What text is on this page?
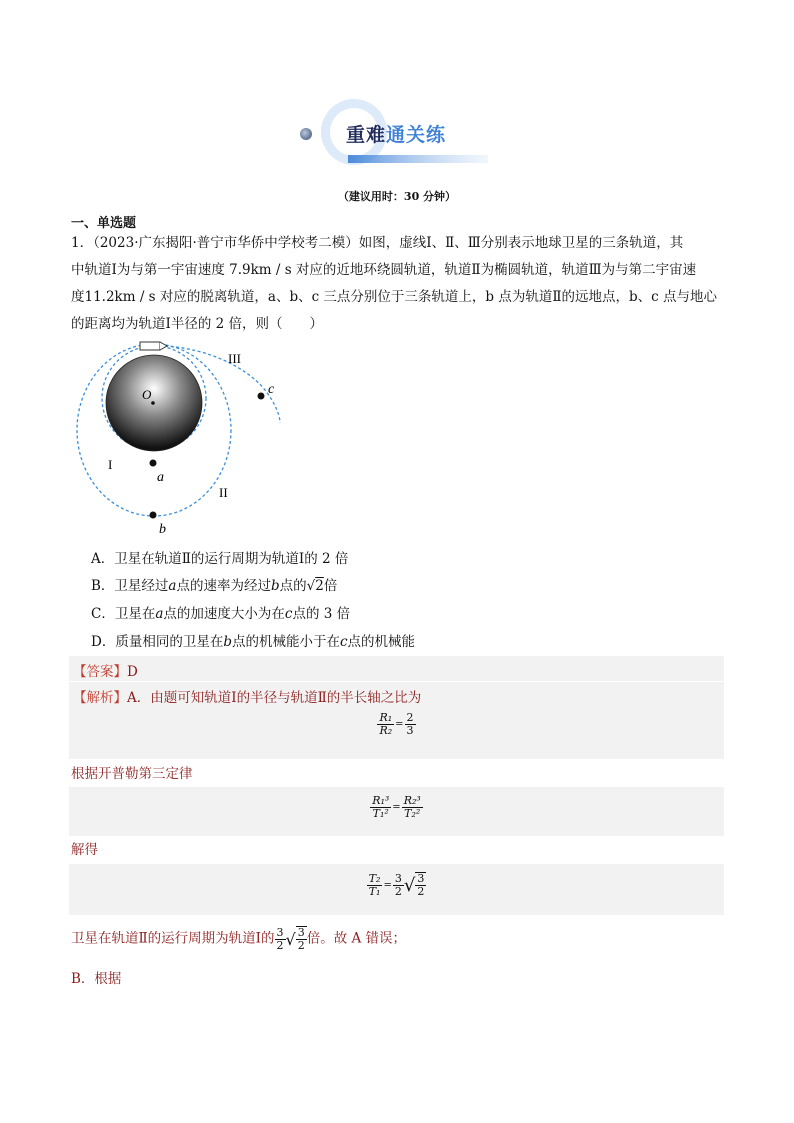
重难通关练
（建议用时：30 分钟）
一、单选题
1．（2023·广东揭阳·普宁市华侨中学校考二模）如图，虚线Ⅰ、Ⅱ、Ⅲ分别表示地球卫星的三条轨道，其
中轨道Ⅰ为与第一宇宙速度 7.9km / s 对应的近地环绕圆轨道，轨道Ⅱ为椭圆轨道，轨道Ⅲ为与第二宇宙速
度11.2km / s 对应的脱离轨道，a、b、c 三点分别位于三条轨道上，b 点为轨道Ⅱ的远地点，b、c 点与地心
的距离均为轨道Ⅰ半径的 2 倍，则（　　）
O
I
II
III
a
b
c
A．卫星在轨道Ⅱ的运行周期为轨道Ⅰ的 2 倍
B．卫星经过a点的速率为经过b点的√2倍
C．卫星在a点的加速度大小为在c点的 3 倍
D．质量相同的卫星在b点的机械能小于在c点的机械能
【答案】D
【解析】A．由题可知轨道Ⅰ的半径与轨道Ⅱ的半长轴之比为
$\frac{\text{R₁}}{\text{R₂}} = \frac{2}{3}$
根据开普勒第三定律
$\frac{\text{R₁³}}{\text{T₁²}} = \frac{\text{R₂³}}{\text{T₂²}}$
解得
$\frac{\text{T₂}}{\text{T₁}} = \frac{3}{2}$ √ $\frac{3}{2}$
卫星在轨道Ⅱ的运行周期为轨道Ⅰ的 $\frac{3}{2}$ √ $\frac{3}{2}$ 倍。故 A 错误；
B．根据
